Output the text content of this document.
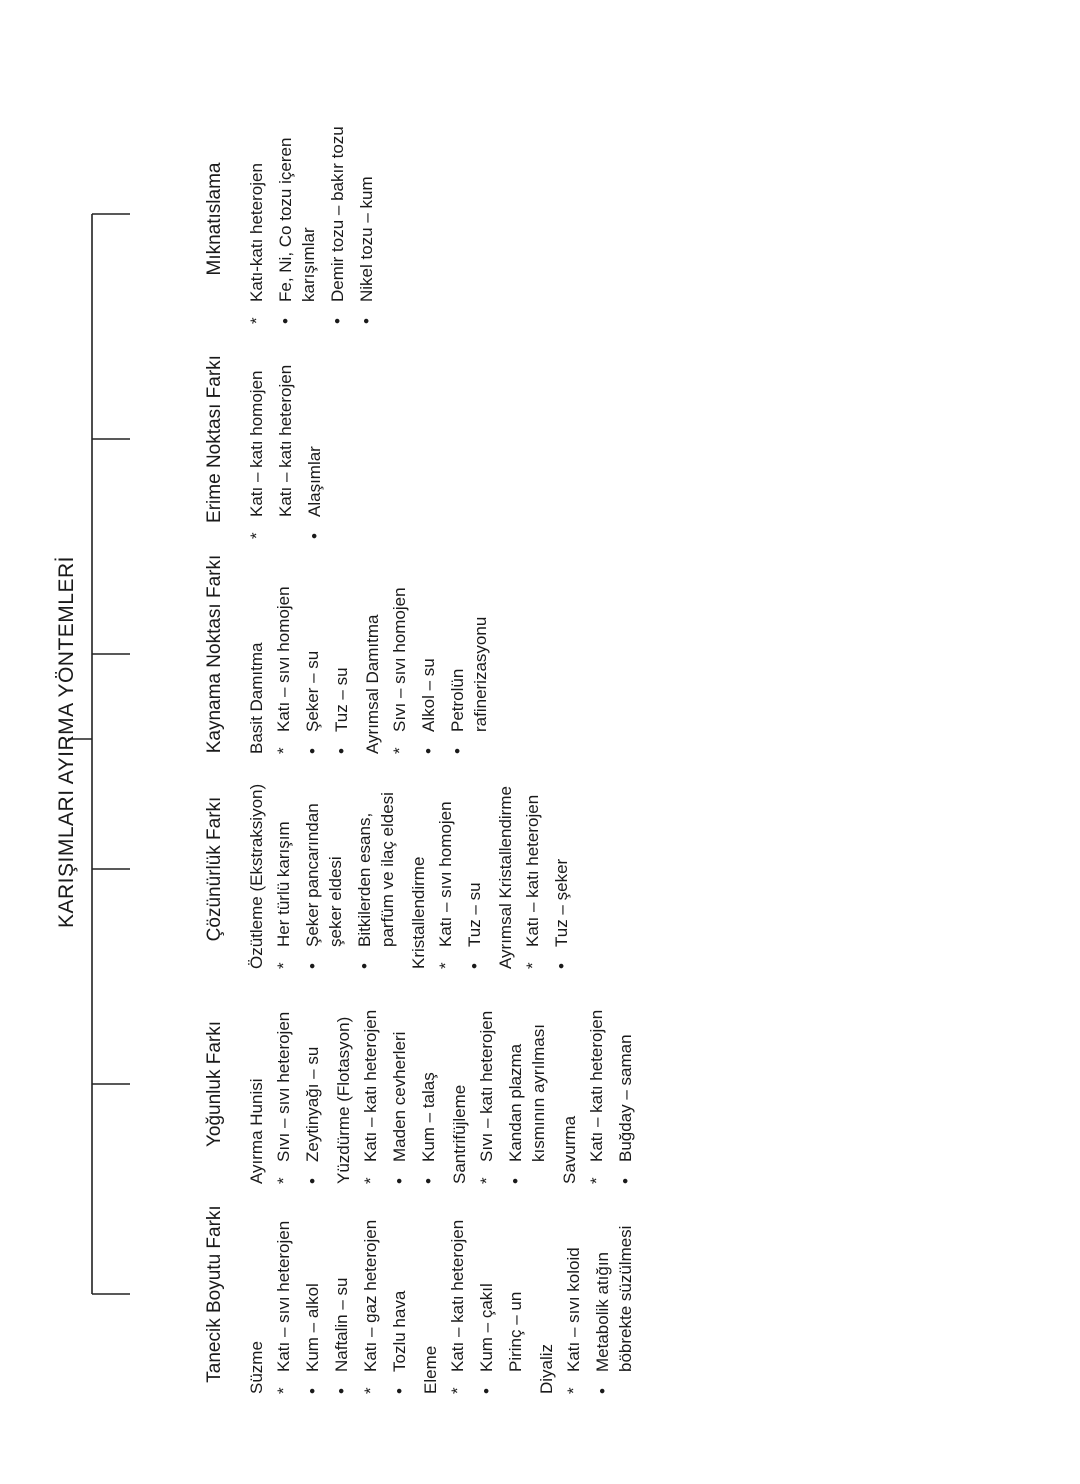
KARIŞIMLARI AYIRMA YÖNTEMLERİ
Tanecik Boyutu Farkı Süzme *
Katı – sıvı heterojen
•
Kum – alkol
•
Naftalin – su
*
Katı – gaz heterojen
•
Tozlu hava Eleme *
Katı – katı heterojen
•
Kum – çakıl Pirinç – un Diyaliz *
Katı – sıvı koloid
•
Metabolik atığın böbrekte süzülmesi
Yoğunluk Farkı Ayırma Hunisi *
Sıvı – sıvı heterojen
•
Zeytinyağı – su Yüzdürme (Flotasyon) *
Katı – katı heterojen
•
Maden cevherleri
•
Kum – talaş Santrifüjleme *
Sıvı – katı heterojen
•
Kandan plazma kısmının ayrılması Savurma *
Katı – katı heterojen
•
Buğday – saman
Çözünürlük Farkı Özütleme (Ekstraksiyon) *
Her türlü karışım
•
Şeker pancarından şeker eldesi
•
Bitkilerden esans, parfüm ve ilaç eldesi Kristallendirme *
Katı – sıvı homojen
•
Tuz – su Ayrımsal Kristallendirme *
Katı – katı heterojen
•
Tuz – şeker
Kaynama Noktası Farkı Basit Damıtma *
Katı – sıvı homojen
•
Şeker – su
•
Tuz – su Ayrımsal Damıtma *
Sıvı – sıvı homojen
•
Alkol – su
•
Petrolün rafinerizasyonu
Erime Noktası Farkı
*
Katı – katı homojen Katı – katı heterojen
•
Alaşımlar
Mıknatıslama
*
Katı-katı heterojen
•
Fe, Ni, Co tozu içeren karışımlar
•
Demir tozu – bakır tozu
•
Nikel tozu – kum
